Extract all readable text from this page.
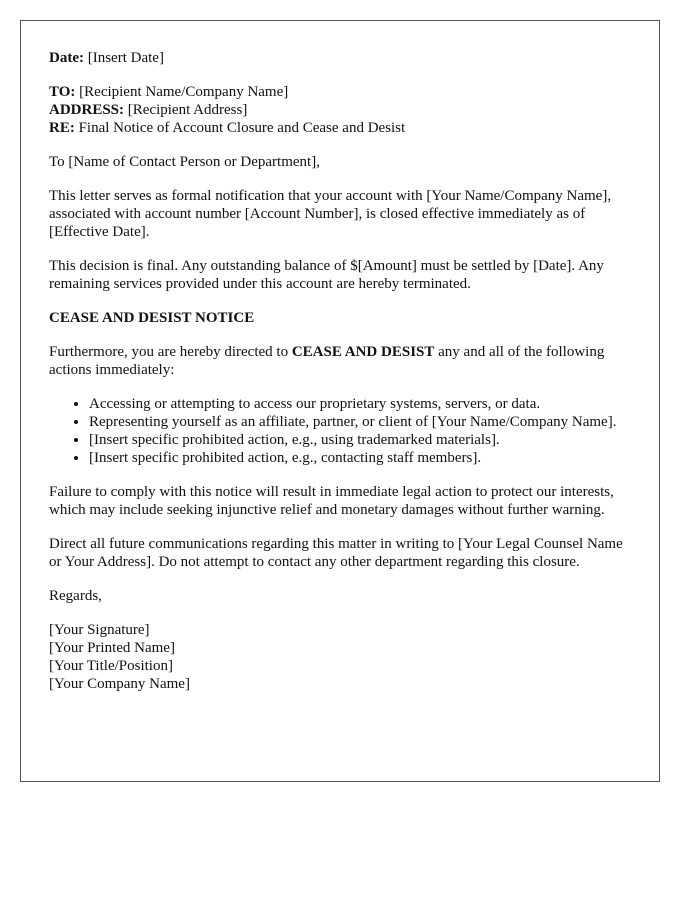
Date: [Insert Date]

TO: [Recipient Name/Company Name]
ADDRESS: [Recipient Address]
RE: Final Notice of Account Closure and Cease and Desist

To [Name of Contact Person or Department],

This letter serves as formal notification that your account with [Your Name/Company Name], associated with account number [Account Number], is closed effective immediately as of [Effective Date].

This decision is final. Any outstanding balance of $[Amount] must be settled by [Date]. Any remaining services provided under this account are hereby terminated.

CEASE AND DESIST NOTICE

Furthermore, you are hereby directed to CEASE AND DESIST any and all of the following actions immediately:

• Accessing or attempting to access our proprietary systems, servers, or data.
• Representing yourself as an affiliate, partner, or client of [Your Name/Company Name].
• [Insert specific prohibited action, e.g., using trademarked materials].
• [Insert specific prohibited action, e.g., contacting staff members].

Failure to comply with this notice will result in immediate legal action to protect our interests, which may include seeking injunctive relief and monetary damages without further warning.

Direct all future communications regarding this matter in writing to [Your Legal Counsel Name or Your Address]. Do not attempt to contact any other department regarding this closure.

Regards,

[Your Signature]
[Your Printed Name]
[Your Title/Position]
[Your Company Name]
